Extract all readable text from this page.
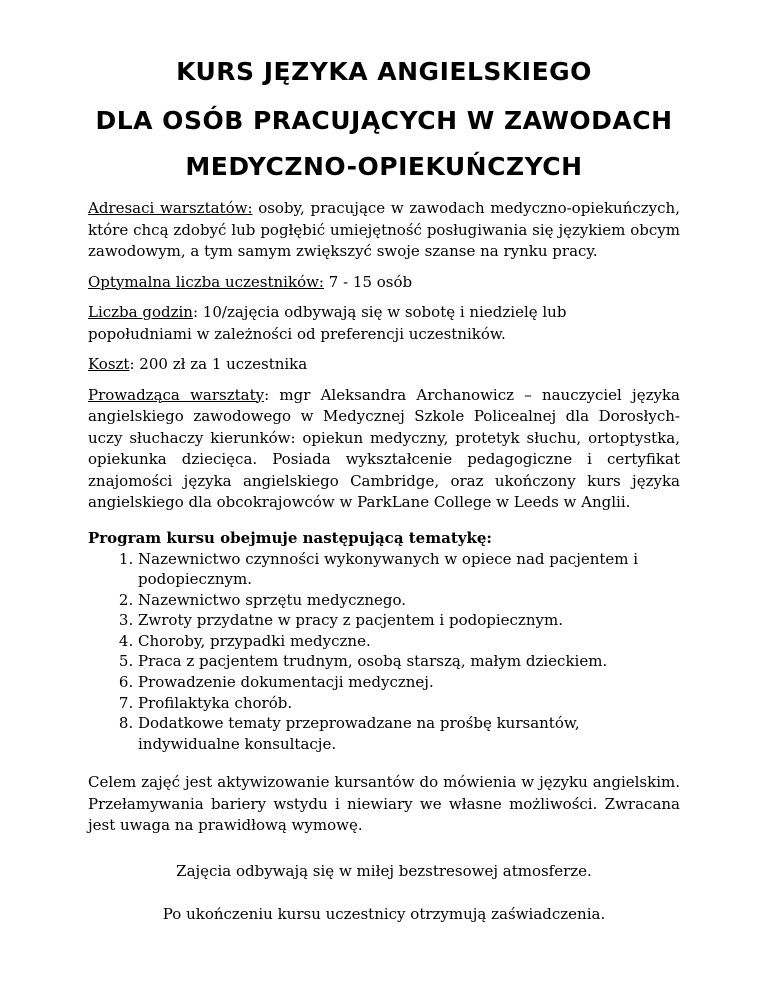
KURS JĘZYKA ANGIELSKIEGO
DLA OSÓB PRACUJĄCYCH W ZAWODACH
MEDYCZNO-OPIEKUŃCZYCH

Adresaci warsztatów: osoby, pracujące w zawodach medyczno-opiekuńczych, które chcą zdobyć lub pogłębić umiejętność posługiwania się językiem obcym zawodowym, a tym samym zwiększyć swoje szanse na rynku pracy.

Optymalna liczba uczestników: 7 - 15 osób

Liczba godzin: 10/zajęcia odbywają się w sobotę i niedzielę lub
popołudniami w zależności od preferencji uczestników.

Koszt: 200 zł za 1 uczestnika

Prowadząca warsztaty: mgr Aleksandra Archanowicz – nauczyciel języka angielskiego zawodowego w Medycznej Szkole Policealnej dla Dorosłych-uczy słuchaczy kierunków: opiekun medyczny, protetyk słuchu, ortoptystka, opiekunka dziecięca. Posiada wykształcenie pedagogiczne i certyfikat znajomości języka angielskiego Cambridge, oraz ukończony kurs języka angielskiego dla obcokrajowców w ParkLane College w Leeds w Anglii.

Program kursu obejmuje następującą tematykę:

1. Nazewnictwo czynności wykonywanych w opiece nad pacjentem i podopiecznym.
2. Nazewnictwo sprzętu medycznego.
3. Zwroty przydatne w pracy z pacjentem i podopiecznym.
4. Choroby, przypadki medyczne.
5. Praca z pacjentem trudnym, osobą starszą, małym dzieckiem.
6. Prowadzenie dokumentacji medycznej.
7. Profilaktyka chorób.
8. Dodatkowe tematy przeprowadzane na prośbę kursantów, indywidualne konsultacje.

Celem zajęć jest aktywizowanie kursantów do mówienia w języku angielskim. Przełamywania bariery wstydu i niewiary we własne możliwości. Zwracana jest uwaga na prawidłową wymowę.

Zajęcia odbywają się w miłej bezstresowej atmosferze.

Po ukończeniu kursu uczestnicy otrzymują zaświadczenia.
